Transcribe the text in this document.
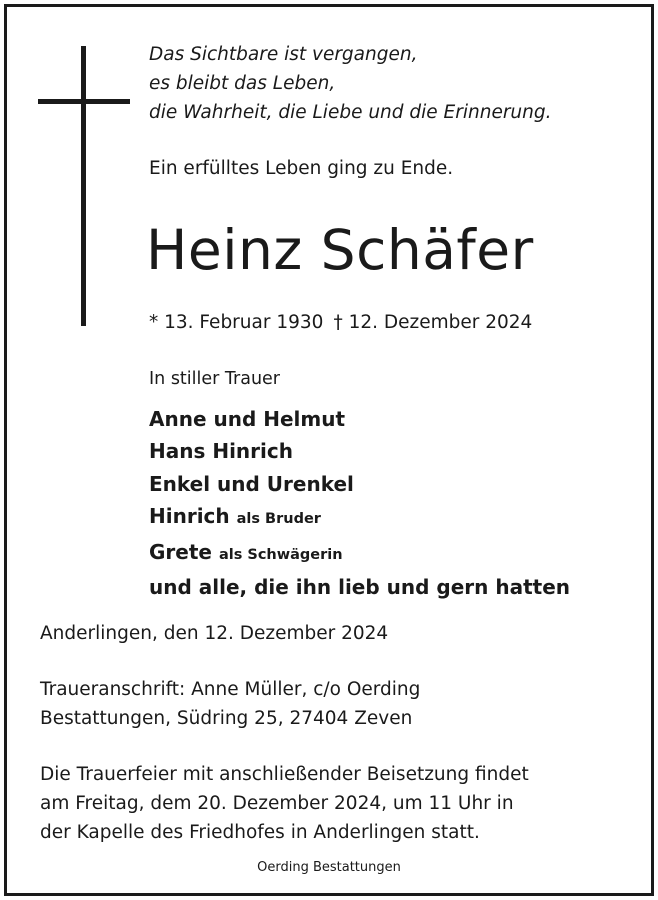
Das Sichtbare ist vergangen,
es bleibt das Leben,
die Wahrheit, die Liebe und die Erinnerung.

Ein erfülltes Leben ging zu Ende.
Heinz Schäfer
* 13. Februar 1930 † 12. Dezember 2024
In stiller Trauer
Anne und Helmut
Hans Hinrich
Enkel und Urenkel
Hinrich als Bruder
Grete als Schwägerin
und alle, die ihn lieb und gern hatten
Anderlingen, den 12. Dezember 2024
Traueranschrift: Anne Müller, c/o Oerding
Bestattungen, Südring 25, 27404 Zeven
Die Trauerfeier mit anschließender Beisetzung findet
am Freitag, dem 20. Dezember 2024, um 11 Uhr in
der Kapelle des Friedhofes in Anderlingen statt.
Oerding Bestattungen
